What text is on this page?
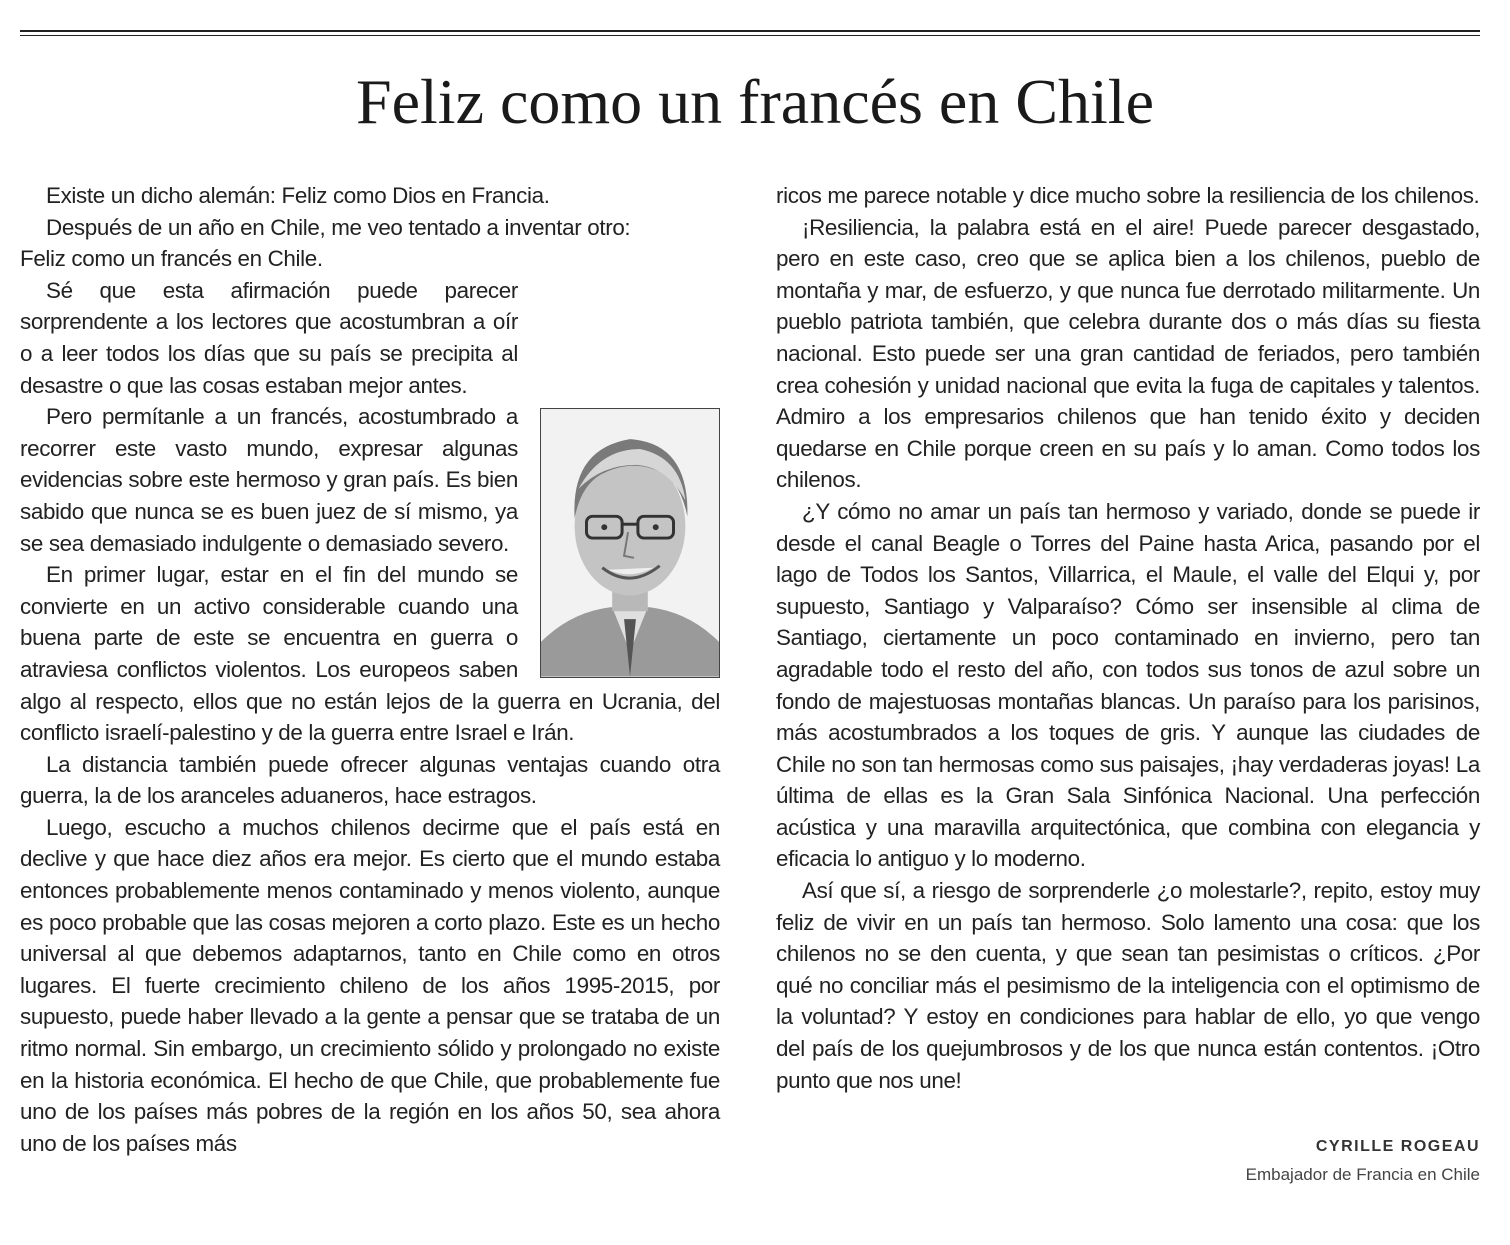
Feliz como un francés en Chile

Existe un dicho alemán: Feliz como Dios en Francia.

Después de un año en Chile, me veo tentado a inventar otro:

Feliz como un francés en Chile.

Sé que esta afirmación puede parecer sorprendente a los lectores que acostumbran a oír o a leer todos los días que su país se precipita al desastre o que las cosas estaban mejor antes.

Pero permítanle a un francés, acostumbrado a recorrer este vasto mundo, expresar algunas evidencias sobre este hermoso y gran país. Es bien sabido que nunca se es buen juez de sí mismo, ya se sea demasiado indulgente o demasiado severo.

En primer lugar, estar en el fin del mundo se convierte en un activo considerable cuando una buena parte de este se encuentra en guerra o atraviesa conflictos violentos. Los europeos saben algo al respecto, ellos que no están lejos de la guerra en Ucrania, del conflicto israelí-palestino y de la guerra entre Israel e Irán.

La distancia también puede ofrecer algunas ventajas cuando otra guerra, la de los aranceles aduaneros, hace estragos.

Luego, escucho a muchos chilenos decirme que el país está en declive y que hace diez años era mejor. Es cierto que el mundo estaba entonces probablemente menos contaminado y menos violento, aunque es poco probable que las cosas mejoren a corto plazo. Este es un hecho universal al que debemos adaptarnos, tanto en Chile como en otros lugares. El fuerte crecimiento chileno de los años 1995-2015, por supuesto, puede haber llevado a la gente a pensar que se trataba de un ritmo normal. Sin embargo, un crecimiento sólido y prolongado no existe en la historia económica. El hecho de que Chile, que probablemente fue uno de los países más pobres de la región en los años 50, sea ahora uno de los países más

ricos me parece notable y dice mucho sobre la resiliencia de los chilenos.

¡Resiliencia, la palabra está en el aire! Puede parecer desgastado, pero en este caso, creo que se aplica bien a los chilenos, pueblo de montaña y mar, de esfuerzo, y que nunca fue derrotado militarmente. Un pueblo patriota también, que celebra durante dos o más días su fiesta nacional. Esto puede ser una gran cantidad de feriados, pero también crea cohesión y unidad nacional que evita la fuga de capitales y talentos. Admiro a los empresarios chilenos que han tenido éxito y deciden quedarse en Chile porque creen en su país y lo aman. Como todos los chilenos.

¿Y cómo no amar un país tan hermoso y variado, donde se puede ir desde el canal Beagle o Torres del Paine hasta Arica, pasando por el lago de Todos los Santos, Villarrica, el Maule, el valle del Elqui y, por supuesto, Santiago y Valparaíso? Cómo ser insensible al clima de Santiago, ciertamente un poco contaminado en invierno, pero tan agradable todo el resto del año, con todos sus tonos de azul sobre un fondo de majestuosas montañas blancas. Un paraíso para los parisinos, más acostumbrados a los toques de gris. Y aunque las ciudades de Chile no son tan hermosas como sus paisajes, ¡hay verdaderas joyas! La última de ellas es la Gran Sala Sinfónica Nacional. Una perfección acústica y una maravilla arquitectónica, que combina con elegancia y eficacia lo antiguo y lo moderno.

Así que sí, a riesgo de sorprenderle ¿o molestarle?, repito, estoy muy feliz de vivir en un país tan hermoso. Solo lamento una cosa: que los chilenos no se den cuenta, y que sean tan pesimistas o críticos. ¿Por qué no conciliar más el pesimismo de la inteligencia con el optimismo de la voluntad? Y estoy en condiciones para hablar de ello, yo que vengo del país de los quejumbrosos y de los que nunca están contentos. ¡Otro punto que nos une!

CYRILLE ROGEAU
Embajador de Francia en Chile
